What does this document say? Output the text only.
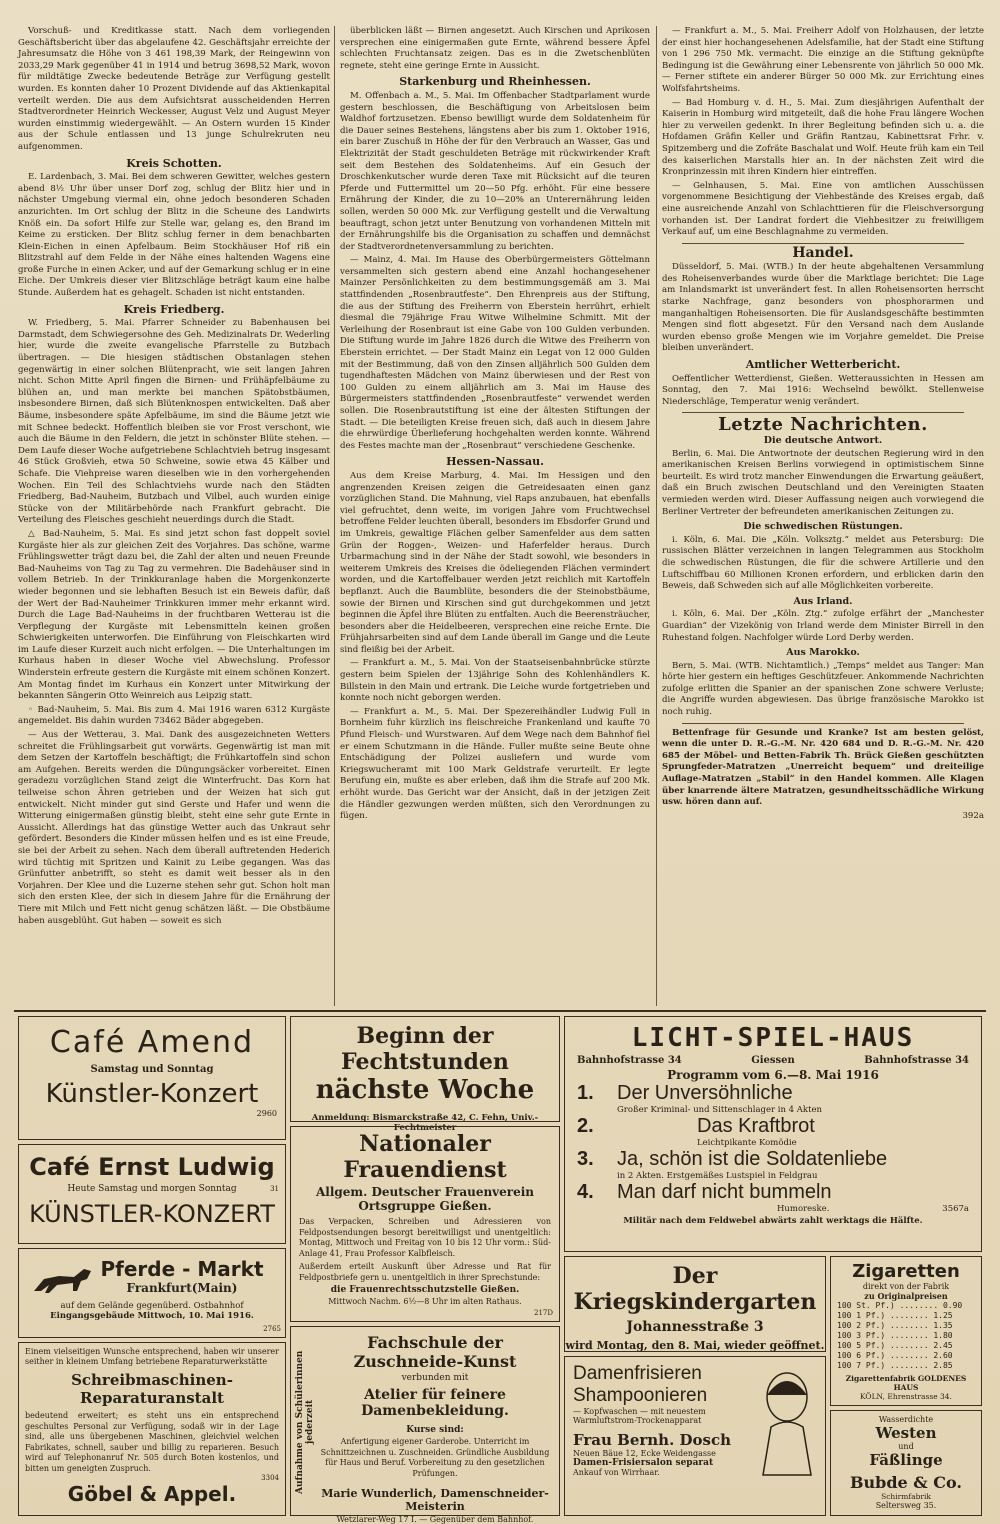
Vorschuß- und Kreditkasse statt. Nach dem vorliegenden Geschäftsbericht über das abgelaufene 42. Geschäftsjahr erreichte der Jahresumsatz die Höhe von 3 461 198,39 Mark, der Reingewinn von 2033,29 Mark gegenüber 41 in 1914 und betrug 3698,52 Mark, wovon für mildtätige Zwecke bedeutende Beträge zur Verfügung gestellt wurden. Es konnten daher 10 Prozent Dividende auf das Aktienkapital verteilt werden. Die aus dem Aufsichtsrat ausscheidenden Herren Stadtverordneter Heinrich Weckesser, August Velz und August Meyer wurden einstimmig wiedergewählt. — An Ostern wurden 15 Kinder aus der Schule entlassen und 13 junge Schulrekruten neu aufgenommen.

Kreis Schotten.

E. Lardenbach, 3. Mai. Bei dem schweren Gewitter, welches gestern abend 8½ Uhr über unser Dorf zog, schlug der Blitz hier und in nächster Umgebung viermal ein, ohne jedoch besonderen Schaden anzurichten. Im Ort schlug der Blitz in die Scheune des Landwirts Knöß ein. Da sofort Hilfe zur Stelle war, gelang es, den Brand im Keime zu ersticken. Der Blitz schlug ferner in dem benachbarten Klein-Eichen in einen Apfelbaum. Beim Stockhäuser Hof riß ein Blitzstrahl auf dem Felde in der Nähe eines haltenden Wagens eine große Furche in einen Acker, und auf der Gemarkung schlug er in eine Eiche. Der Umkreis dieser vier Blitzschläge beträgt kaum eine halbe Stunde. Außerdem hat es gehagelt. Schaden ist nicht entstanden.

Kreis Friedberg.

W. Friedberg, 5. Mai. Pfarrer Schneider zu Babenhausen bei Darmstadt, dem Schwiegersohne des Geh. Medizinalrats Dr. Wederling hier, wurde die zweite evangelische Pfarrstelle zu Butzbach übertragen. — Die hiesigen städtischen Obstanlagen stehen gegenwärtig in einer solchen Blütenpracht, wie seit langen Jahren nicht. Schon Mitte April fingen die Birnen- und Frühäpfelbäume zu blühen an, und man merkte bei manchen Spätobstbäumen, insbesondere Birnen, daß sich Blütenknospen entwickelten. Daß aber Bäume, insbesondere späte Apfelbäume, im sind die Bäume jetzt wie mit Schnee bedeckt. Hoffentlich bleiben sie vor Frost verschont, wie auch die Bäume in den Feldern, die jetzt in schönster Blüte stehen. — Dem Laufe dieser Woche aufgetriebene Schlachtvieh betrug insgesamt 46 Stück Großvieh, etwa 50 Schweine, sowie etwa 45 Kälber und Schafe. Die Viehpreise waren dieselben wie in den vorhergehenden Wochen. Ein Teil des Schlachtviehs wurde nach den Städten Friedberg, Bad-Nauheim, Butzbach und Vilbel, auch wurden einige Stücke von der Militärbehörde nach Frankfurt gebracht. Die Verteilung des Fleisches geschieht neuerdings durch die Stadt.

△ Bad-Nauheim, 5. Mai. Es sind jetzt schon fast doppelt soviel Kurgäste hier als zur gleichen Zeit des Vorjahres. Das schöne, warme Frühlingswetter trägt dazu bei, die Zahl der alten und neuen Freunde Bad-Nauheims von Tag zu Tag zu vermehren. Die Badehäuser sind in vollem Betrieb. In der Trinkkuranlage haben die Morgenkonzerte wieder begonnen und sie lebhaften Besuch ist ein Beweis dafür, daß der Wert der Bad-Nauheimer Trinkkuren immer mehr erkannt wird. Durch die Lage Bad-Nauheims in der fruchtbaren Wetterau ist die Verpflegung der Kurgäste mit Lebensmitteln keinen großen Schwierigkeiten unterworfen. Die Einführung von Fleischkarten wird im Laufe dieser Kurzeit auch nicht erfolgen. — Die Unterhaltungen im Kurhaus haben in dieser Woche viel Abwechslung. Professor Winderstein erfreute gestern die Kurgäste mit einem schönen Konzert. Am Montag findet im Kurhaus ein Konzert unter Mitwirkung der bekannten Sängerin Otto Weinreich aus Leipzig statt.

◦ Bad-Nauheim, 5. Mai. Bis zum 4. Mai 1916 waren 6312 Kurgäste angemeldet. Bis dahin wurden 73462 Bäder abgegeben.

— Aus der Wetterau, 3. Mai. Dank des ausgezeichneten Wetters schreitet die Frühlingsarbeit gut vorwärts. Gegenwärtig ist man mit dem Setzen der Kartoffeln beschäftigt; die Frühkartoffeln sind schon am Aufgehen. Bereits werden die Düngungsäcker vorbereitet. Einen geradezu vorzüglichen Stand zeigt die Winterfrucht. Das Korn hat teilweise schon Ähren getrieben und der Weizen hat sich gut entwickelt. Nicht minder gut sind Gerste und Hafer und wenn die Witterung einigermaßen günstig bleibt, steht eine sehr gute Ernte in Aussicht. Allerdings hat das günstige Wetter auch das Unkraut sehr gefördert. Besonders die Kinder müssen helfen und es ist eine Freude, sie bei der Arbeit zu sehen. Nach dem überall auftretenden Hederich wird tüchtig mit Spritzen und Kainit zu Leibe gegangen. Was das Grünfutter anbetrifft, so steht es damit weit besser als in den Vorjahren. Der Klee und die Luzerne stehen sehr gut. Schon holt man sich den ersten Klee, der sich in diesem Jahre für die Ernährung der Tiere mit Milch und Fett nicht genug schätzen läßt. — Die Obstbäume haben ausgeblüht. Gut haben — soweit es sich

überblicken läßt — Birnen angesetzt. Auch Kirschen und Aprikosen versprechen eine einigermaßen gute Ernte, während bessere Äpfel schlechten Fruchtansatz zeigen. Das es in die Zwetschenblüten regnete, steht eine geringe Ernte in Aussicht.

Starkenburg und Rheinhessen.

M. Offenbach a. M., 5. Mai. Im Offenbacher Stadtparlament wurde gestern beschlossen, die Beschäftigung von Arbeitslosen beim Waldhof fortzusetzen. Ebenso bewilligt wurde dem Soldatenheim für die Dauer seines Bestehens, längstens aber bis zum 1. Oktober 1916, ein barer Zuschuß in Höhe der für den Verbrauch an Wasser, Gas und Elektrizität der Stadt geschuldeten Beträge mit rückwirkender Kraft seit dem Bestehen des Soldatenheims. Auf ein Gesuch der Droschkenkutscher wurde deren Taxe mit Rücksicht auf die teuren Pferde und Futtermittel um 20—50 Pfg. erhöht. Für eine bessere Ernährung der Kinder, die zu 10—20% an Unterernährung leiden sollen, werden 50 000 Mk. zur Verfügung gestellt und die Verwaltung beauftragt, schon jetzt unter Benutzung von vorhandenen Mitteln mit der Ernährungshilfe bis die Organisation zu schaffen und demnächst der Stadtverordnetenversammlung zu berichten.

— Mainz, 4. Mai. Im Hause des Oberbürgermeisters Göttelmann versammelten sich gestern abend eine Anzahl hochangesehener Mainzer Persönlichkeiten zu dem bestimmungsgemäß am 3. Mai stattfindenden „Rosenbrautfeste“. Den Ehrenpreis aus der Stiftung, die aus der Stiftung des Freiherrn von Eberstein herrührt, erhielt diesmal die 79jährige Frau Witwe Wilhelmine Schmitt. Mit der Verleihung der Rosenbraut ist eine Gabe von 100 Gulden verbunden. Die Stiftung wurde im Jahre 1826 durch die Witwe des Freiherrn von Eberstein errichtet. — Der Stadt Mainz ein Legat von 12 000 Gulden mit der Bestimmung, daß von den Zinsen alljährlich 500 Gulden dem tugendhaftesten Mädchen von Mainz überwiesen und der Rest von 100 Gulden zu einem alljährlich am 3. Mai im Hause des Bürgermeisters stattfindenden „Rosenbrautfeste“ verwendet werden sollen. Die Rosenbrautstiftung ist eine der ältesten Stiftungen der Stadt. — Die beteiligten Kreise freuen sich, daß auch in diesem Jahre die ehrwürdige Überlieferung hochgehalten werden konnte. Während des Festes machte man der „Rosenbraut“ verschiedene Geschenke.

Hessen-Nassau.

Aus dem Kreise Marburg, 4. Mai. Im Hessigen und den angrenzenden Kreisen zeigen die Getreidesaaten einen ganz vorzüglichen Stand. Die Mahnung, viel Raps anzubauen, hat ebenfalls viel gefruchtet, denn weite, im vorigen Jahre vom Fruchtwechsel betroffene Felder leuchten überall, besonders im Ebsdorfer Grund und im Umkreis, gewaltige Flächen gelber Samenfelder aus dem satten Grün der Roggen-, Weizen- und Haferfelder heraus. Durch Urbarmachung sind in der Nähe der Stadt sowohl, wie besonders in weiterem Umkreis des Kreises die ödeliegenden Flächen vermindert worden, und die Kartoffelbauer werden jetzt reichlich mit Kartoffeln bepflanzt. Auch die Baumblüte, besonders die der Steinobstbäume, sowie der Birnen und Kirschen sind gut durchgekommen und jetzt beginnen die Äpfel ihre Blüten zu entfalten. Auch die Beerensträucher, besonders aber die Heidelbeeren, versprechen eine reiche Ernte. Die Frühjahrsarbeiten sind auf dem Lande überall im Gange und die Leute sind fleißig bei der Arbeit.

— Frankfurt a. M., 5. Mai. Von der Staatseisenbahnbrücke stürzte gestern beim Spielen der 13jährige Sohn des Kohlenhändlers K. Billstein in den Main und ertrank. Die Leiche wurde fortgetrieben und konnte noch nicht geborgen werden.

— Frankfurt a. M., 5. Mai. Der Spezereihändler Ludwig Full in Bornheim fuhr kürzlich ins fleischreiche Frankenland und kaufte 70 Pfund Fleisch- und Wurstwaren. Auf dem Wege nach dem Bahnhof fiel er einem Schutzmann in die Hände. Fuller mußte seine Beute ohne Entschädigung der Polizei ausliefern und wurde vom Kriegswucheramt mit 100 Mark Geldstrafe verurteilt. Er legte Berufung ein, mußte es aber erleben, daß ihm die Strafe auf 200 Mk. erhöht wurde. Das Gericht war der Ansicht, daß in der jetzigen Zeit die Händler gezwungen werden müßten, sich den Verordnungen zu fügen.

— Frankfurt a. M., 5. Mai. Freiherr Adolf von Holzhausen, der letzte der einst hier hochangesehenen Adelsfamilie, hat der Stadt eine Stiftung von 1 296 750 Mk. vermacht. Die einzige an die Stiftung geknüpfte Bedingung ist die Gewährung einer Lebensrente von jährlich 50 000 Mk. — Ferner stiftete ein anderer Bürger 50 000 Mk. zur Errichtung eines Wolfsfahrtsheims.

— Bad Homburg v. d. H., 5. Mai. Zum diesjährigen Aufenthalt der Kaiserin in Homburg wird mitgeteilt, daß die hohe Frau längere Wochen hier zu verweilen gedenkt. In ihrer Begleitung befinden sich u. a. die Hofdamen Gräfin Keller und Gräfin Rantzau, Kabinettsrat Frhr. v. Spitzemberg und die Zofräte Baschalat und Wolf. Heute früh kam ein Teil des kaiserlichen Marstalls hier an. In der nächsten Zeit wird die Kronprinzessin mit ihren Kindern hier eintreffen.

— Gelnhausen, 5. Mai. Eine von amtlichen Ausschüssen vorgenommene Besichtigung der Viehbestände des Kreises ergab, daß eine ausreichende Anzahl von Schlachttieren für die Fleischversorgung vorhanden ist. Der Landrat fordert die Viehbesitzer zu freiwilligem Verkauf auf, um eine Beschlagnahme zu vermeiden.

Handel.

Düsseldorf, 5. Mai. (WTB.) In der heute abgehaltenen Versammlung des Roheisenverbandes wurde über die Marktlage berichtet: Die Lage am Inlandsmarkt ist unverändert fest. In allen Roheisensorten herrscht starke Nachfrage, ganz besonders von phosphorarmen und manganhaltigen Roheisensorten. Die für Auslandsgeschäfte bestimmten Mengen sind flott abgesetzt. Für den Versand nach dem Auslande wurden ebenso große Mengen wie im Vorjahre gemeldet. Die Preise bleiben unverändert.

Amtlicher Wetterbericht.

Oeffentlicher Wetterdienst, Gießen. Wetteraussichten in Hessen am Sonntag, den 7. Mai 1916: Wechselnd bewölkt. Stellenweise Niederschläge, Temperatur wenig verändert.

Letzte Nachrichten.
Die deutsche Antwort.

Berlin, 6. Mai. Die Antwortnote der deutschen Regierung wird in den amerikanischen Kreisen Berlins vorwiegend in optimistischem Sinne beurteilt. Es wird trotz mancher Einwendungen die Erwartung geäußert, daß ein Bruch zwischen Deutschland und den Vereinigten Staaten vermieden werden wird. Dieser Auffassung neigen auch vorwiegend die Berliner Vertreter der befreundeten amerikanischen Zeitungen zu.

Die schwedischen Rüstungen.

i. Köln, 6. Mai. Die „Köln. Volksztg.“ meldet aus Petersburg: Die russischen Blätter verzeichnen in langen Telegrammen aus Stockholm die schwedischen Rüstungen, die für die schwere Artillerie und den Luftschiffbau 60 Millionen Kronen erfordern, und erblicken darin den Beweis, daß Schweden sich auf alle Möglichkeiten vorbereite.

Aus Irland.

i. Köln, 6. Mai. Der „Köln. Ztg.“ zufolge erfährt der „Manchester Guardian“ der Vizekönig von Irland werde dem Minister Birrell in den Ruhestand folgen. Nachfolger würde Lord Derby werden.

Aus Marokko.

Bern, 5. Mai. (WTB. Nichtamtlich.) „Temps“ meldet aus Tanger: Man hörte hier gestern ein heftiges Geschützfeuer. Ankommende Nachrichten zufolge erlitten die Spanier an der spanischen Zone schwere Verluste; die Angriffe wurden abgewiesen. Das übrige französische Marokko ist noch ruhig.

Bettenfrage für Gesunde und Kranke? Ist am besten gelöst, wenn die unter D. R.-G.-M. Nr. 420 684 und D. R.-G.-M. Nr. 420 685 der Möbel- und Betten-Fabrik Th. Brück Gießen geschützten Sprungfeder-Matratzen „Unerreicht bequem“ und dreiteilige Auflage-Matratzen „Stabil“ in den Handel kommen. Alle Klagen über knarrende ältere Matratzen, gesundheitsschädliche Wirkung usw. hören dann auf.

392a
Café Amend
Samstag und Sonntag
Künstler-Konzert
2960
Café Ernst Ludwig
Heute Samstag und morgen Sonntag
KÜNSTLER-KONZERT
31
Pferde - Markt
Frankfurt(Main)
auf dem Gelände gegenüberd. Ostbahnhof
Eingangsgebäude Mittwoch, 10. Mai 1916.
2765
Einem vielseitigen Wunsche entsprechend, haben wir unserer seither in kleinem Umfang betriebene Reparaturwerkstätte
Schreibmaschinen-Reparaturanstalt
bedeutend erweitert; es steht uns ein entsprechend geschultes Personal zur Verfügung, sodaß wir in der Lage sind, alle uns übergebenen Maschinen, gleichviel welchen Fabrikates, schnell, sauber und billig zu reparieren. Besuch wird auf Telephonanruf Nr. 505 durch Boten kostenlos, und bitten um geneigten Zuspruch.
3304
Göbel & Appel.
Beginn der Fechtstunden
nächste Woche
Anmeldung: Bismarckstraße 42, C. Fehn, Univ.-Fechtmeister
Nationaler Frauendienst
Allgem. Deutscher Frauenverein
Ortsgruppe Gießen.
Das Verpacken, Schreiben und Adressieren von Feldpostsendungen besorgt bereitwilligst und unentgeltlich: Montag, Mittwoch und Freitag von 10 bis 12 Uhr vorm.: Süd-Anlage 41, Frau Professor Kalbfleisch.
Außerdem erteilt Auskunft über Adresse und Rat für Feldpostbriefe gern u. unentgeltlich in ihrer Sprechstunde:
die Frauenrechtsschutzstelle Gießen.
Mittwoch Nachm. 6½—8 Uhr im alten Rathaus.
217D
Aufnahme von Schülerinnen jederzeit
Fachschule der Zuschneide-Kunst
verbunden mit
Atelier für feinere Damenbekleidung.
Kurse sind:
Anfertigung eigener Garderobe. Unterricht im Schnittzeichnen u. Zuschneiden. Gründliche Ausbildung für Haus und Beruf. Vorbereitung zu den gesetzlichen Prüfungen.
Marie Wunderlich, Damenschneider-Meisterin
Wetzlarer-Weg 17 I. — Gegenüber dem Bahnhof.
LICHT-SPIEL-HAUS
Bahnhofstrasse 34	Giessen	Bahnhofstrasse 34
Programm vom 6.—8. Mai 1916
1.	Der Unversöhnliche
Großer Kriminal- und Sittenschlager in 4 Akten
2.	Das Kraftbrot
Leichtpikante Komödie
3.	Ja, schön ist die Soldatenliebe
in 2 Akten. Erstgemäßes Lustspiel in Feldgrau
4.	Man darf nicht bummeln
Humoreske.	3567a
Militär nach dem Feldwebel abwärts zahlt werktags die Hälfte.
Der Kriegskindergarten
Johannesstraße 3
wird Montag, den 8. Mai, wieder geöffnet.
Damenfrisieren
Shampoonieren
— Kopfwaschen — mit neuestem Warmluftstrom-Trockenapparat
Frau Bernh. Dosch
Neuen Bäue 12, Ecke Weidengasse
Damen-Frisiersalon separat
Ankauf von Wirrhaar.
Zigaretten
direkt von der Fabrik
zu Originalpreisen
100 St. Pf.) ........ 0.90
100 1 Pf.) ........ 1.25
100 2 Pf.) ........ 1.35
100 3 Pf.) ........ 1.80
100 5 Pf.) ........ 2.45
100 6 Pf.) ........ 2.60
100 7 Pf.) ........ 2.85
Zigarettenfabrik GOLDENES HAUS
KÖLN, Ehrenstrasse 34.
Wasserdichte
Westen
und
Fäßlinge
Bubde & Co.
Schirmfabrik
Seltersweg 35.
